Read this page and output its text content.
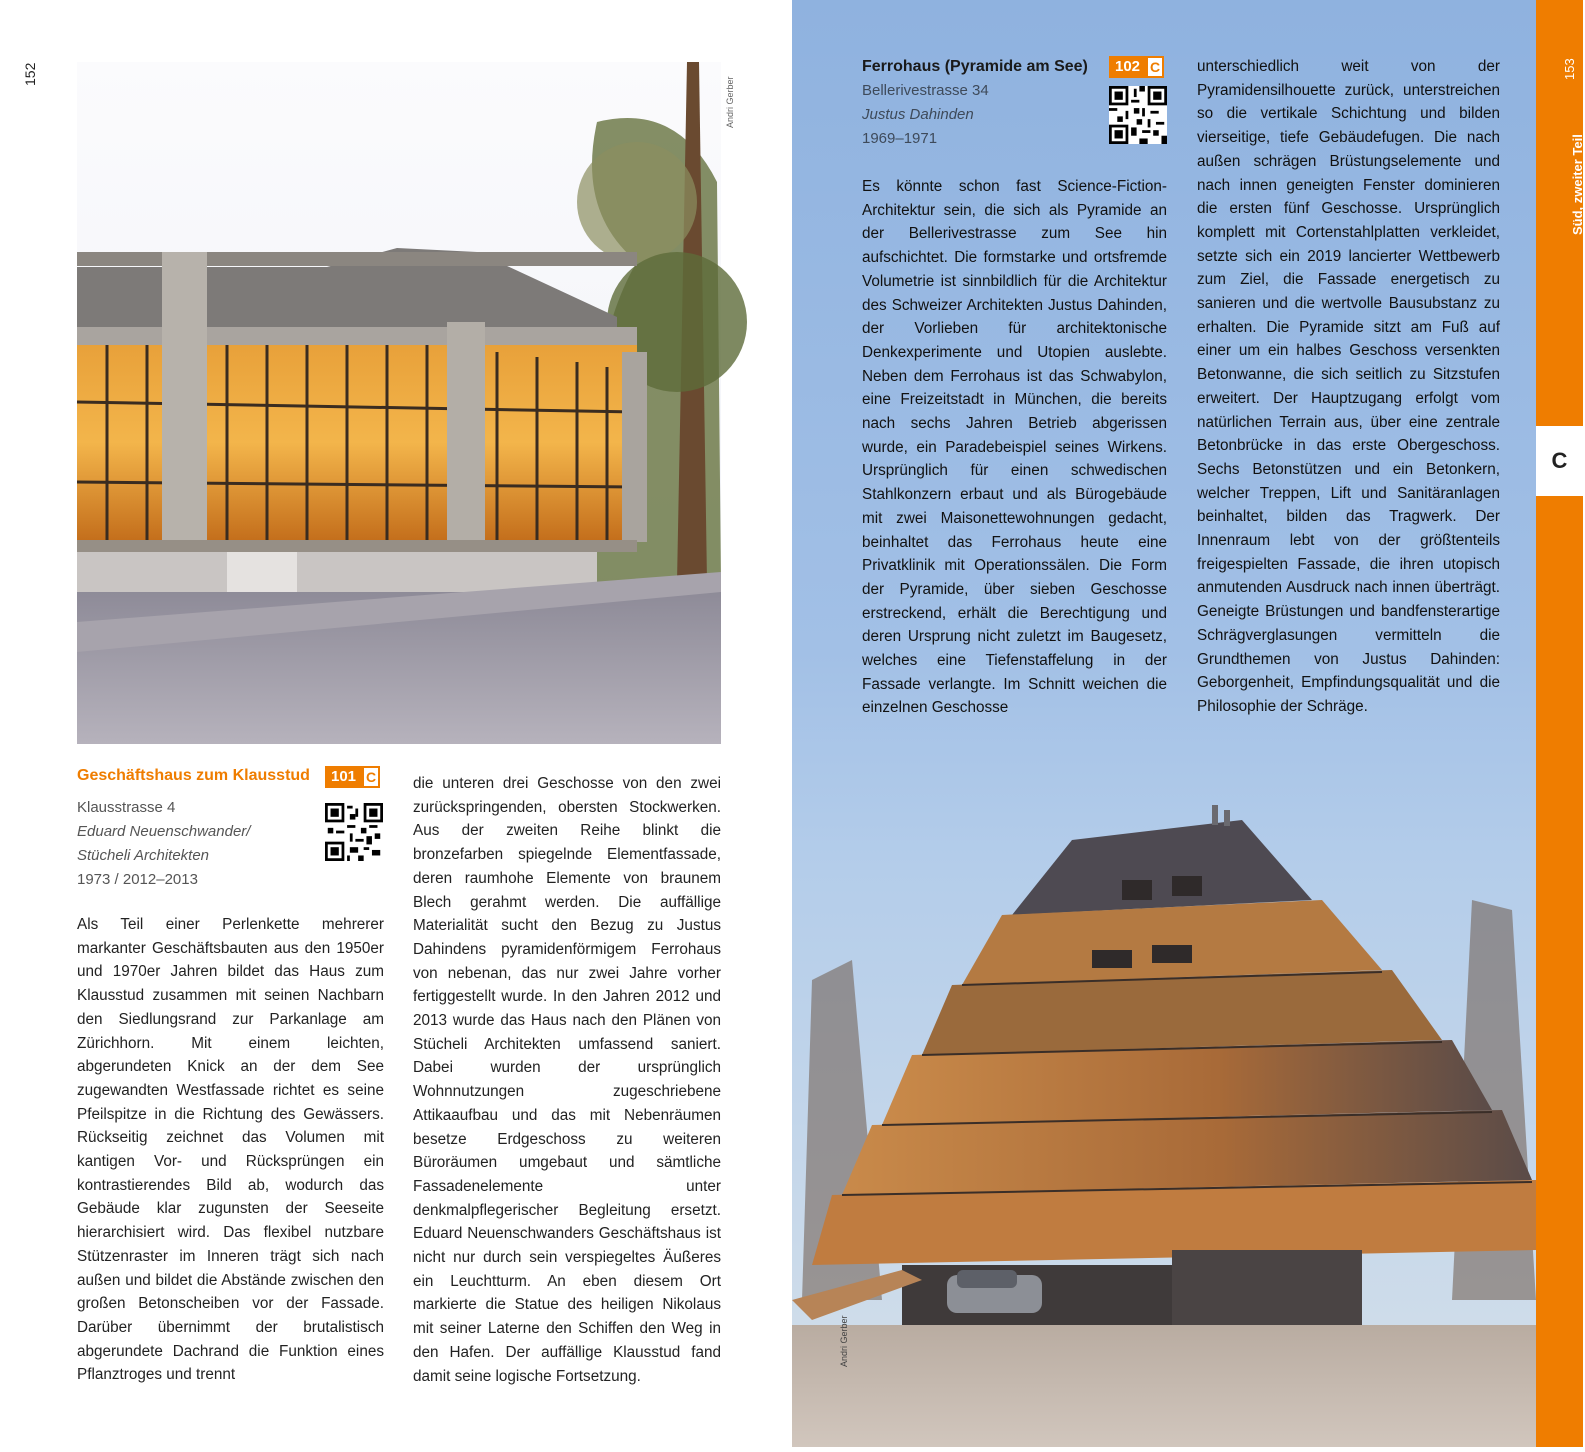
152
Andri Gerber
Geschäftshaus zum Klausstud	101 C
Klausstrasse 4
Eduard Neuenschwander/
Stücheli Architekten
1973 / 2012–2013
Als Teil einer Perlenkette mehrerer markanter Geschäftsbauten aus den 1950er und 1970er Jahren bildet das Haus zum Klausstud zusammen mit seinen Nachbarn den Siedlungsrand zur Parkanlage am Zürichhorn. Mit einem leichten, abgerundeten Knick an der dem See zugewandten Westfassade richtet es seine Pfeilspitze in die Richtung des Gewässers. Rückseitig zeichnet das Volumen mit kantigen Vor- und Rücksprüngen ein kontrastierendes Bild ab, wodurch das Gebäude klar zugunsten der Seeseite hierarchisiert wird. Das flexibel nutzbare Stützenraster im Inneren trägt sich nach außen und bildet die Abstände zwischen den großen Betonscheiben vor der Fassade. Darüber übernimmt der brutalistisch abgerundete Dachrand die Funktion eines Pflanztroges und trennt
die unteren drei Geschosse von den zwei zurückspringenden, obersten Stockwerken. Aus der zweiten Reihe blinkt die bronzefarben spiegelnde Elementfassade, deren raumhohe Elemente von braunem Blech gerahmt werden. Die auffällige Materialität sucht den Bezug zu Justus Dahindens pyramidenförmigem Ferrohaus von nebenan, das nur zwei Jahre vorher fertiggestellt wurde. In den Jahren 2012 und 2013 wurde das Haus nach den Plänen von Stücheli Architekten umfassend saniert. Dabei wurden der ursprünglich Wohnnutzungen zugeschriebene Attikaaufbau und das mit Nebenräumen besetze Erdgeschoss zu weiteren Büroräumen umgebaut und sämtliche Fassadenelemente unter denkmalpflegerischer Begleitung ersetzt. Eduard Neuenschwanders Geschäftshaus ist nicht nur durch sein verspiegeltes Äußeres ein Leuchtturm. An eben diesem Ort markierte die Statue des heiligen Nikolaus mit seiner Laterne den Schiffen den Weg in den Hafen. Der auffällige Klausstud fand damit seine logische Fortsetzung.
Andri Gerber
Ferrohaus (Pyramide am See)	102 C
Bellerivestrasse 34
Justus Dahinden
1969–1971
Es könnte schon fast Science-Fiction-Architektur sein, die sich als Pyramide an der Bellerivestrasse zum See hin aufschichtet. Die formstarke und ortsfremde Volumetrie ist sinnbildlich für die Architektur des Schweizer Architekten Justus Dahinden, der Vorlieben für architektonische Denkexperimente und Utopien auslebte. Neben dem Ferrohaus ist das Schwabylon, eine Freizeitstadt in München, die bereits nach sechs Jahren Betrieb abgerissen wurde, ein Paradebeispiel seines Wirkens. Ursprünglich für einen schwedischen Stahlkonzern erbaut und als Bürogebäude mit zwei Maisonettewohnungen gedacht, beinhaltet das Ferrohaus heute eine Privatklinik mit Operationssälen. Die Form der Pyramide, über sieben Geschosse erstreckend, erhält die Berechtigung und deren Ursprung nicht zuletzt im Baugesetz, welches eine Tiefenstaffelung in der Fassade verlangte. Im Schnitt weichen die einzelnen Geschosse
unterschiedlich weit von der Pyramidensilhouette zurück, unterstreichen so die vertikale Schichtung und bilden vierseitige, tiefe Gebäudefugen. Die nach außen schrägen Brüstungselemente und nach innen geneigten Fenster dominieren die ersten fünf Geschosse. Ursprünglich komplett mit Cortenstahlplatten verkleidet, setzte sich ein 2019 lancierter Wettbewerb zum Ziel, die Fassade energetisch zu sanieren und die wertvolle Bausubstanz zu erhalten. Die Pyramide sitzt am Fuß auf einer um ein halbes Geschoss versenkten Betonwanne, die sich seitlich zu Sitzstufen erweitert. Der Hauptzugang erfolgt vom natürlichen Terrain aus, über eine zentrale Betonbrücke in das erste Obergeschoss. Sechs Betonstützen und ein Betonkern, welcher Treppen, Lift und Sanitäranlagen beinhaltet, bilden das Tragwerk. Der Innenraum lebt von der größtenteils freigespielten Fassade, die ihren utopisch anmutenden Ausdruck nach innen überträgt. Geneigte Brüstungen und bandfensterartige Schrägverglasungen vermitteln die Grundthemen von Justus Dahinden: Geborgenheit, Empfindungsqualität und die Philosophie der Schräge.
153
Süd, zweiter Teil
C
